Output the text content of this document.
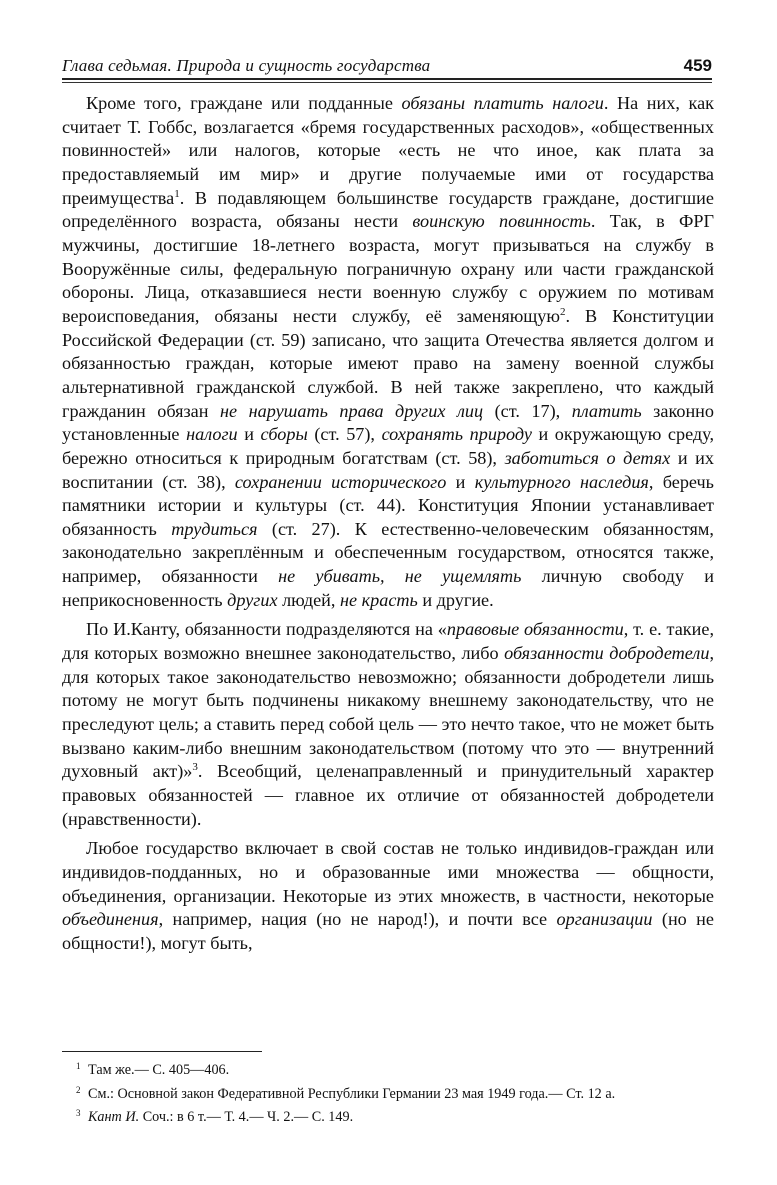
Глава седьмая. Природа и сущность государства	459

Кроме того, граждане или подданные обязаны платить налоги. На них, как считает Т. Гоббс, возлагается «бремя государственных расходов», «общественных повинностей» или налогов, которые «есть не что иное, как плата за предоставляемый им мир» и другие получаемые ими от государства преимущества$^1$. В подавляющем большинстве государств граждане, достигшие определённого возраста, обязаны нести воинскую повинность. Так, в ФРГ мужчины, достигшие 18-летнего возраста, могут призываться на службу в Вооружённые силы, федеральную пограничную охрану или части гражданской обороны. Лица, отказавшиеся нести военную службу с оружием по мотивам вероисповедания, обязаны нести службу, её заменяющую$^2$. В Конституции Российской Федерации (ст. 59) записано, что защита Отечества является долгом и обязанностью граждан, которые имеют право на замену военной службы альтернативной гражданской службой. В ней также закреплено, что каждый гражданин обязан не нарушать права других лиц (ст. 17), платить законно установленные налоги и сборы (ст. 57), сохранять природу и окружающую среду, бережно относиться к природным богатствам (ст. 58), заботиться о детях и их воспитании (ст. 38), сохранении исторического и культурного наследия, беречь памятники истории и культуры (ст. 44). Конституция Японии устанавливает обязанность трудиться (ст. 27). К естественно-человеческим обязанностям, законодательно закреплённым и обеспеченным государством, относятся также, например, обязанности не убивать, не ущемлять личную свободу и неприкосновенность других людей, не красть и другие.

По И.Канту, обязанности подразделяются на «правовые обязанности, т. е. такие, для которых возможно внешнее законодательство, либо обязанности добродетели, для которых такое законодательство невозможно; обязанности добродетели лишь потому не могут быть подчинены никакому внешнему законодательству, что не преследуют цель; а ставить перед собой цель — это нечто такое, что не может быть вызвано каким-либо внешним законодательством (потому что это — внутренний духовный акт)»$^3$. Всеобщий, целенаправленный и принудительный характер правовых обязанностей — главное их отличие от обязанностей добродетели (нравственности).

Любое государство включает в свой состав не только индивидов-граждан или индивидов-подданных, но и образованные ими множества — общности, объединения, организации. Некоторые из этих множеств, в частности, некоторые объединения, например, нация (но не народ!), и почти все организации (но не общности!), могут быть,

1 Там же.— С. 405—406.
2 См.: Основной закон Федеративной Республики Германии 23 мая 1949 года.— Ст. 12 а.
3 Кант И. Соч.: в 6 т.— Т. 4.— Ч. 2.— С. 149.
